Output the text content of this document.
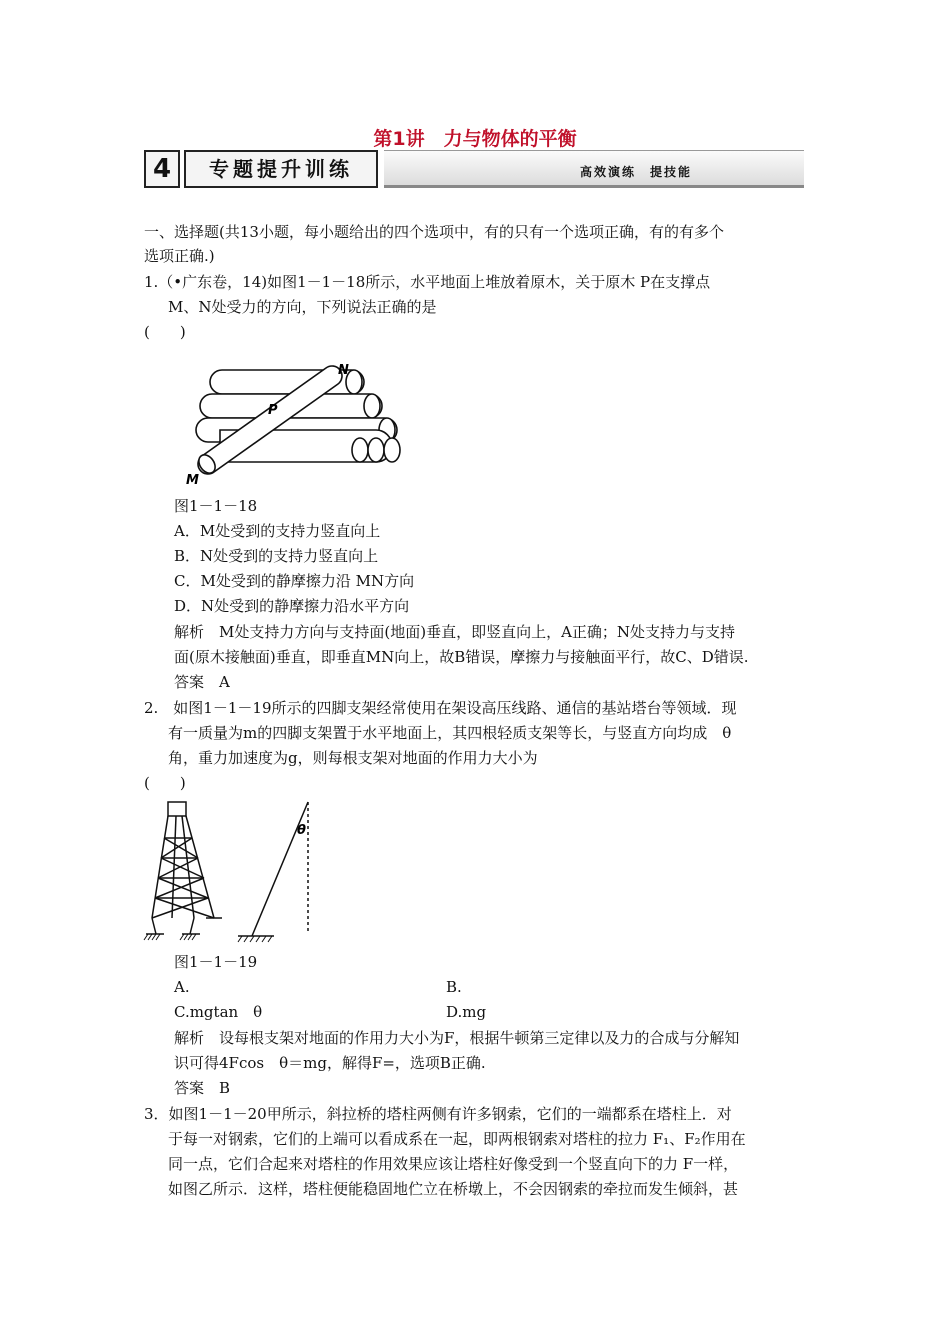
第1讲　力与物体的平衡
4	专题提升训练	高效演练　提技能
一、选择题(共13小题，每小题给出的四个选项中，有的只有一个选项正确，有的有多个
选项正确.)
1.（•广东卷，14)如图1－1－18所示，水平地面上堆放着原木，关于原木 P在支撑点
M、N处受力的方向，下列说法正确的是
(　　)
N
P
M
图1－1－18
A．M处受到的支持力竖直向上
B．N处受到的支持力竖直向上
C．M处受到的静摩擦力沿 MN方向
D．N处受到的静摩擦力沿水平方向
解析　M处支持力方向与支持面(地面)垂直，即竖直向上，A正确；N处支持力与支持
面(原木接触面)垂直，即垂直MN向上，故B错误，摩擦力与接触面平行，故C、D错误.
答案　A
2.　如图1－1－19所示的四脚支架经常使用在架设高压线路、通信的基站塔台等领域．现
有一质量为m的四脚支架置于水平地面上，其四根轻质支架等长，与竖直方向均成　θ
角，重力加速度为g，则每根支架对地面的作用力大小为
(　　)
θ
图1－1－19
A.	B.
C.mgtan　θ	D.mg
解析　设每根支架对地面的作用力大小为F，根据牛顿第三定律以及力的合成与分解知
识可得4Fcos　θ＝mg，解得F=，选项B正确.
答案　B
3．如图1－1－20甲所示，斜拉桥的塔柱两侧有许多钢索，它们的一端都系在塔柱上．对
于每一对钢索，它们的上端可以看成系在一起，即两根钢索对塔柱的拉力 F₁、F₂作用在
同一点，它们合起来对塔柱的作用效果应该让塔柱好像受到一个竖直向下的力 F一样，
如图乙所示．这样，塔柱便能稳固地伫立在桥墩上，不会因钢索的牵拉而发生倾斜，甚
